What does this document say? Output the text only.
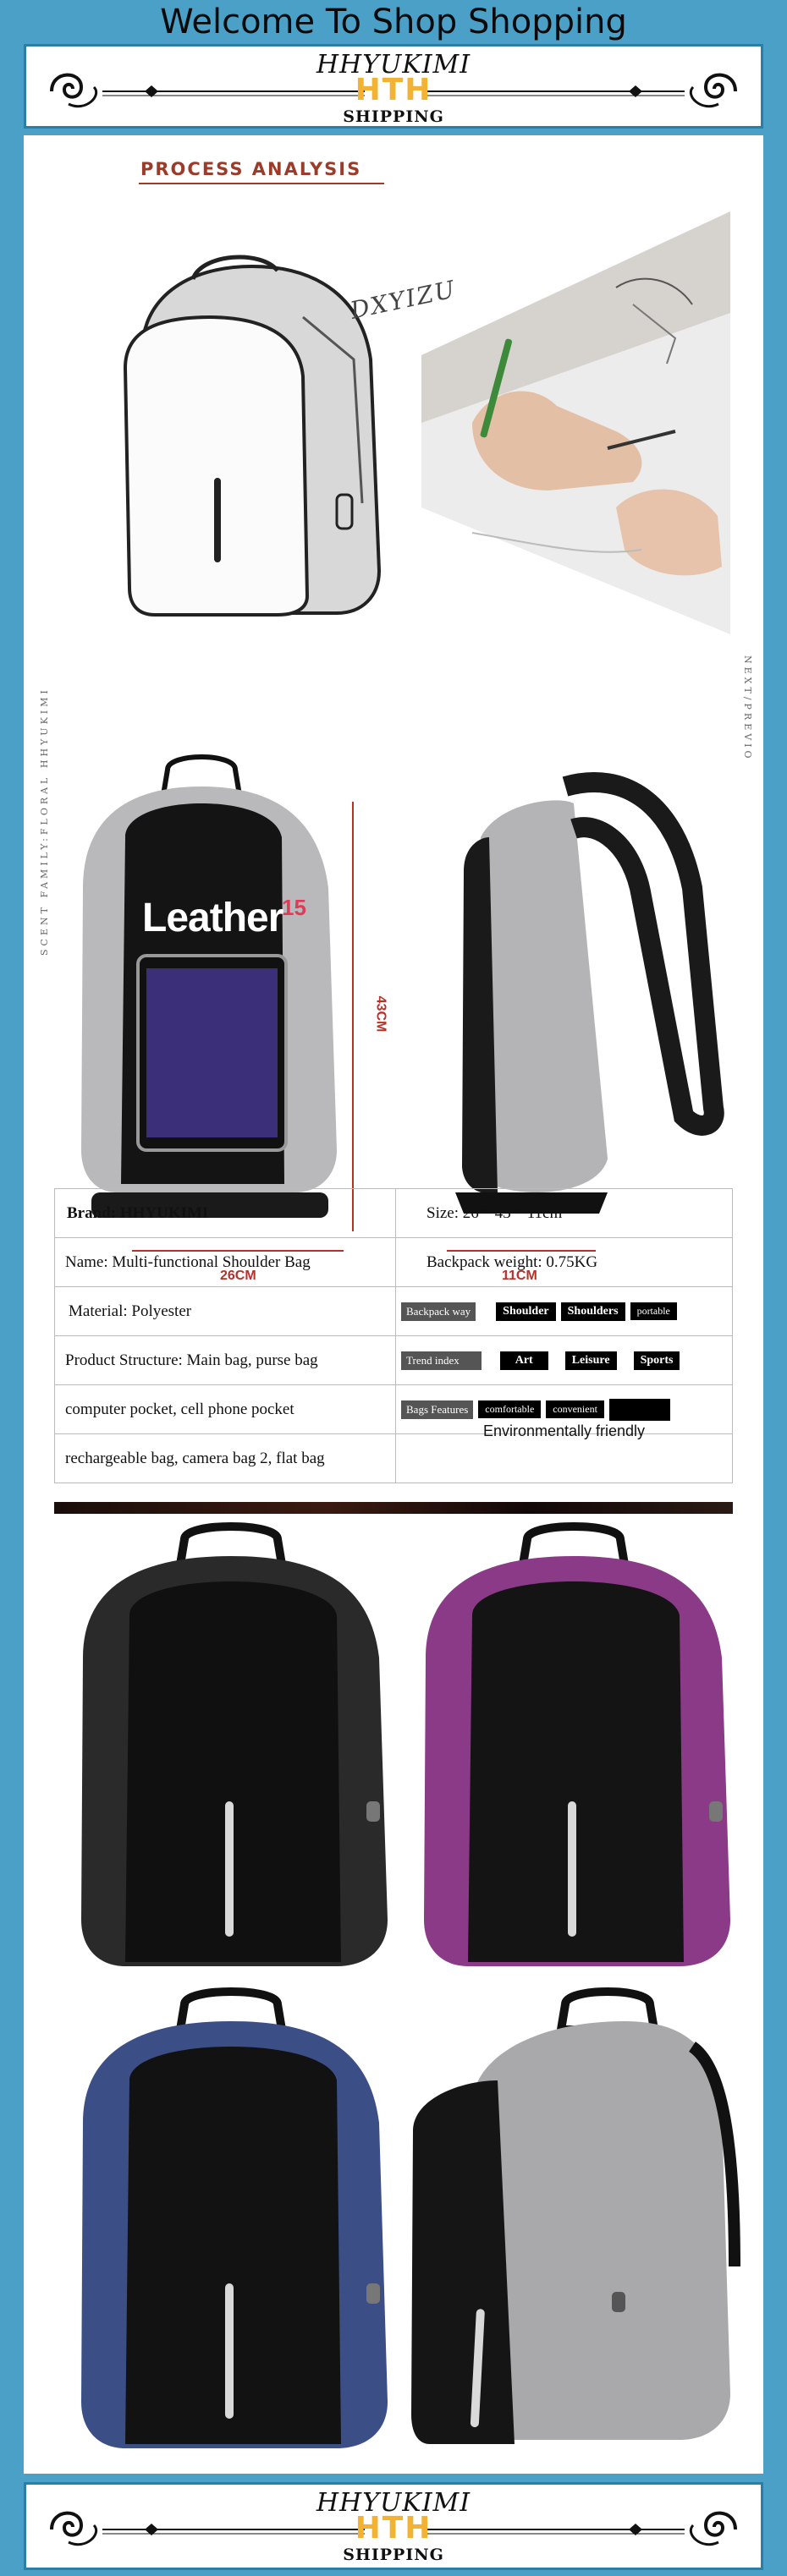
Welcome To Shop Shopping
HHYUKIMI
HTH
SHIPPING
PROCESS ANALYSIS
DXYIZU
SCENT FAMILY:FLORAL HHYUKIMI	NEXT/PREVIO
Leather
15
43CM
26CM	11CM
Brand: HHYUKIMI	Size: 26 * 43 * 11cm
Name: Multi-functional Shoulder Bag	Backpack weight: 0.75KG
Material: Polyester	Backpack way Shoulder Shoulders portable

Product Structure: Main bag, purse bag	Trend index Art Leisure Sports

computer pocket, cell phone pocket	Bags Features comfortable convenient

rechargeable bag, camera bag 2, flat bag	Environmentally friendly
HHYUKIMI
HTH
SHIPPING
